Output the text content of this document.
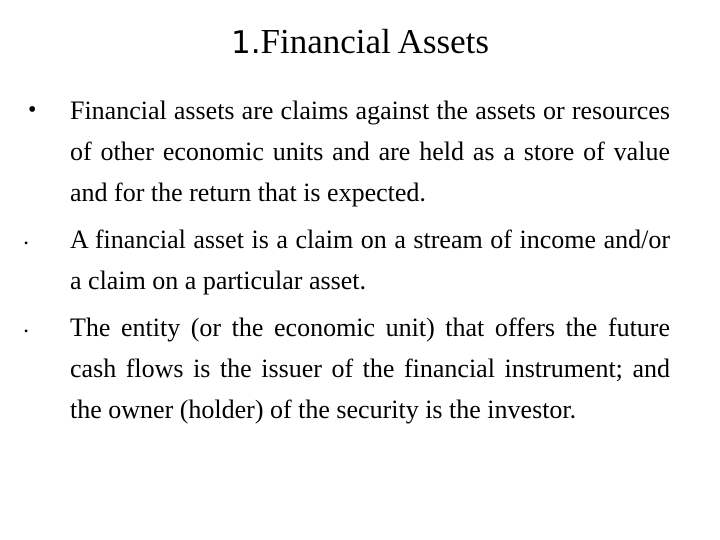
1.Financial Assets
•	Financial assets are claims against the assets or resources of other economic units and are held as a store of value and for the return that is expected.
•	A financial asset is a claim on a stream of income and/or a claim on a particular asset.
•	The entity (or the economic unit) that offers the future cash flows is the issuer of the financial instrument; and the owner (holder) of the security is the investor.
